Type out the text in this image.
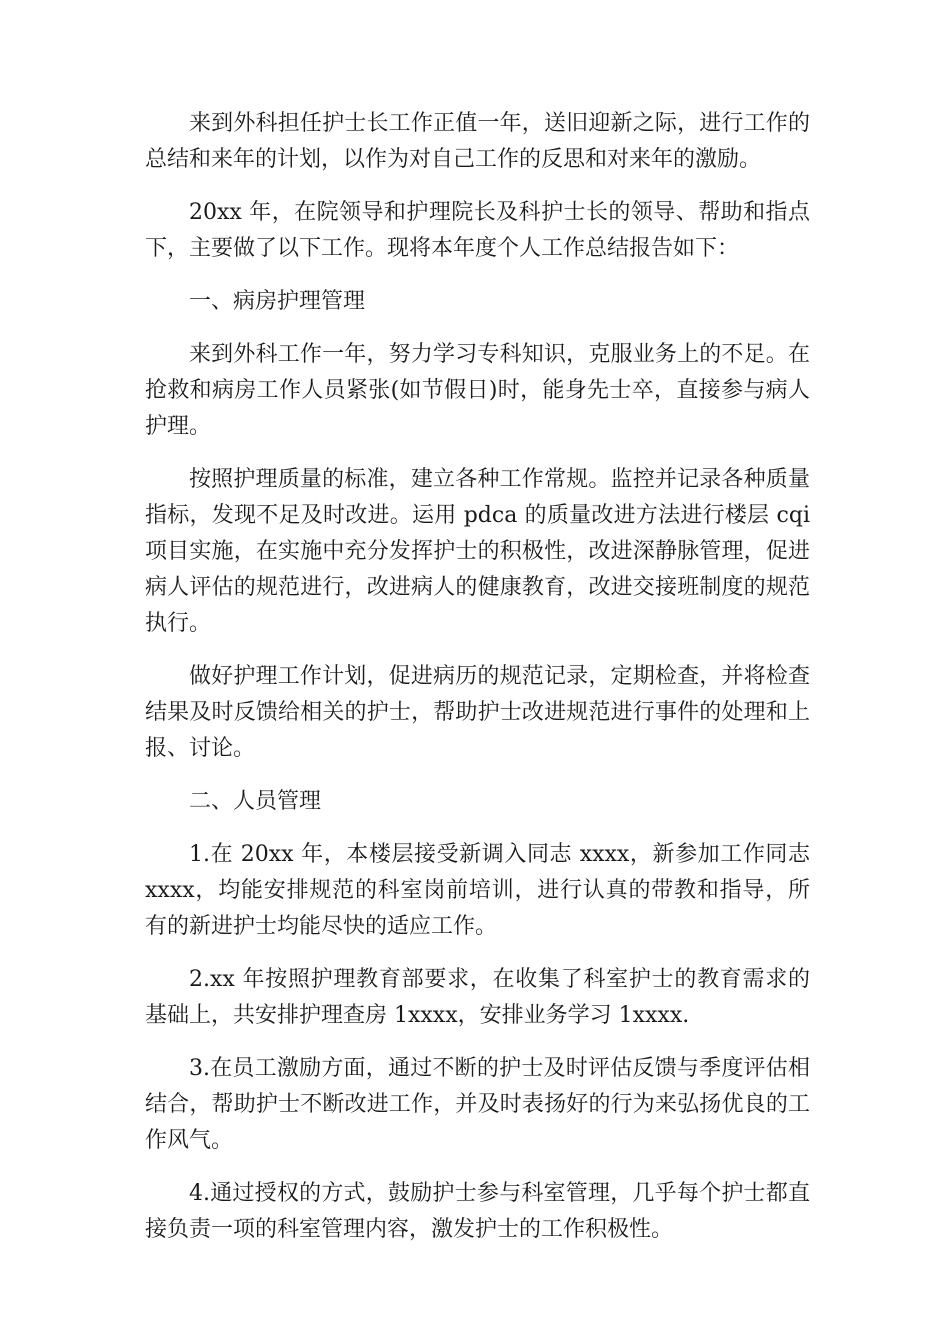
来到外科担任护士长工作正值一年，送旧迎新之际，进行工作的总结和来年的计划，以作为对自己工作的反思和对来年的激励。

20xx 年，在院领导和护理院长及科护士长的领导、帮助和指点下，主要做了以下工作。现将本年度个人工作总结报告如下：

一、病房护理管理

来到外科工作一年，努力学习专科知识，克服业务上的不足。在抢救和病房工作人员紧张(如节假日)时，能身先士卒，直接参与病人护理。

按照护理质量的标准，建立各种工作常规。监控并记录各种质量指标，发现不足及时改进。运用 pdca 的质量改进方法进行楼层 cqi 项目实施，在实施中充分发挥护士的积极性，改进深静脉管理，促进病人评估的规范进行，改进病人的健康教育，改进交接班制度的规范执行。

做好护理工作计划，促进病历的规范记录，定期检查，并将检查结果及时反馈给相关的护士，帮助护士改进规范进行事件的处理和上报、讨论。

二、人员管理

1.在 20xx 年，本楼层接受新调入同志 xxxx，新参加工作同志 xxxx，均能安排规范的科室岗前培训，进行认真的带教和指导，所有的新进护士均能尽快的适应工作。

2.xx 年按照护理教育部要求，在收集了科室护士的教育需求的基础上，共安排护理查房 1xxxx，安排业务学习 1xxxx.

3.在员工激励方面，通过不断的护士及时评估反馈与季度评估相结合，帮助护士不断改进工作，并及时表扬好的行为来弘扬优良的工作风气。

4.通过授权的方式，鼓励护士参与科室管理，几乎每个护士都直接负责一项的科室管理内容，激发护士的工作积极性。
